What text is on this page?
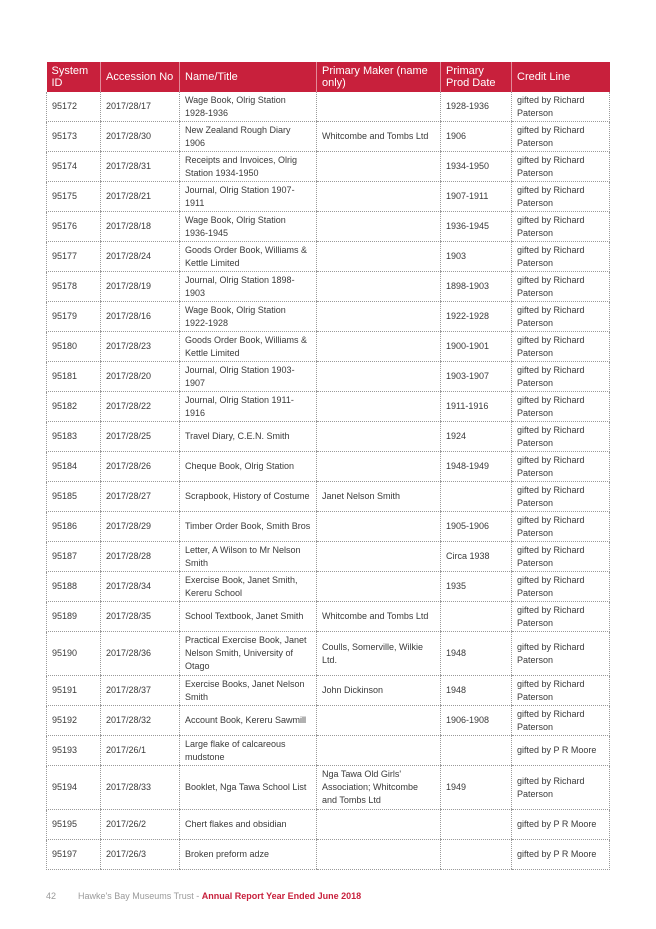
System ID	Accession No	Name/Title	Primary Maker (name only)	Primary Prod Date	Credit Line
95172	2017/28/17	Wage Book, Olrig Station 1928-1936		1928-1936	gifted by Richard Paterson
95173	2017/28/30	New Zealand Rough Diary 1906	Whitcombe and Tombs Ltd	1906	gifted by Richard Paterson
95174	2017/28/31	Receipts and Invoices, Olrig Station 1934-1950		1934-1950	gifted by Richard Paterson
95175	2017/28/21	Journal, Olrig Station 1907-1911		1907-1911	gifted by Richard Paterson
95176	2017/28/18	Wage Book, Olrig Station 1936-1945		1936-1945	gifted by Richard Paterson
95177	2017/28/24	Goods Order Book, Williams & Kettle Limited		1903	gifted by Richard Paterson
95178	2017/28/19	Journal, Olrig Station 1898-1903		1898-1903	gifted by Richard Paterson
95179	2017/28/16	Wage Book, Olrig Station 1922-1928		1922-1928	gifted by Richard Paterson
95180	2017/28/23	Goods Order Book, Williams & Kettle Limited		1900-1901	gifted by Richard Paterson
95181	2017/28/20	Journal, Olrig Station 1903-1907		1903-1907	gifted by Richard Paterson
95182	2017/28/22	Journal, Olrig Station 1911-1916		1911-1916	gifted by Richard Paterson
95183	2017/28/25	Travel Diary, C.E.N. Smith		1924	gifted by Richard Paterson
95184	2017/28/26	Cheque Book, Olrig Station		1948-1949	gifted by Richard Paterson
95185	2017/28/27	Scrapbook, History of Costume	Janet Nelson Smith		gifted by Richard Paterson
95186	2017/28/29	Timber Order Book, Smith Bros		1905-1906	gifted by Richard Paterson
95187	2017/28/28	Letter, A Wilson to Mr Nelson Smith		Circa 1938	gifted by Richard Paterson
95188	2017/28/34	Exercise Book, Janet Smith, Kereru School		1935	gifted by Richard Paterson
95189	2017/28/35	School Textbook, Janet Smith	Whitcombe and Tombs Ltd		gifted by Richard Paterson
95190	2017/28/36	Practical Exercise Book, Janet Nelson Smith, University of Otago	Coulls, Somerville, Wilkie Ltd.	1948	gifted by Richard Paterson
95191	2017/28/37	Exercise Books, Janet Nelson Smith	John Dickinson	1948	gifted by Richard Paterson
95192	2017/28/32	Account Book, Kereru Sawmill		1906-1908	gifted by Richard Paterson
95193	2017/26/1	Large flake of calcareous mudstone			gifted by P R Moore
95194	2017/28/33	Booklet, Nga Tawa School List	Nga Tawa Old Girls' Association; Whitcombe and Tombs Ltd	1949	gifted by Richard Paterson
95195	2017/26/2	Chert flakes and obsidian			gifted by P R Moore
95197	2017/26/3	Broken preform adze			gifted by P R Moore
42 Hawke's Bay Museums Trust - Annual Report Year Ended June 2018
